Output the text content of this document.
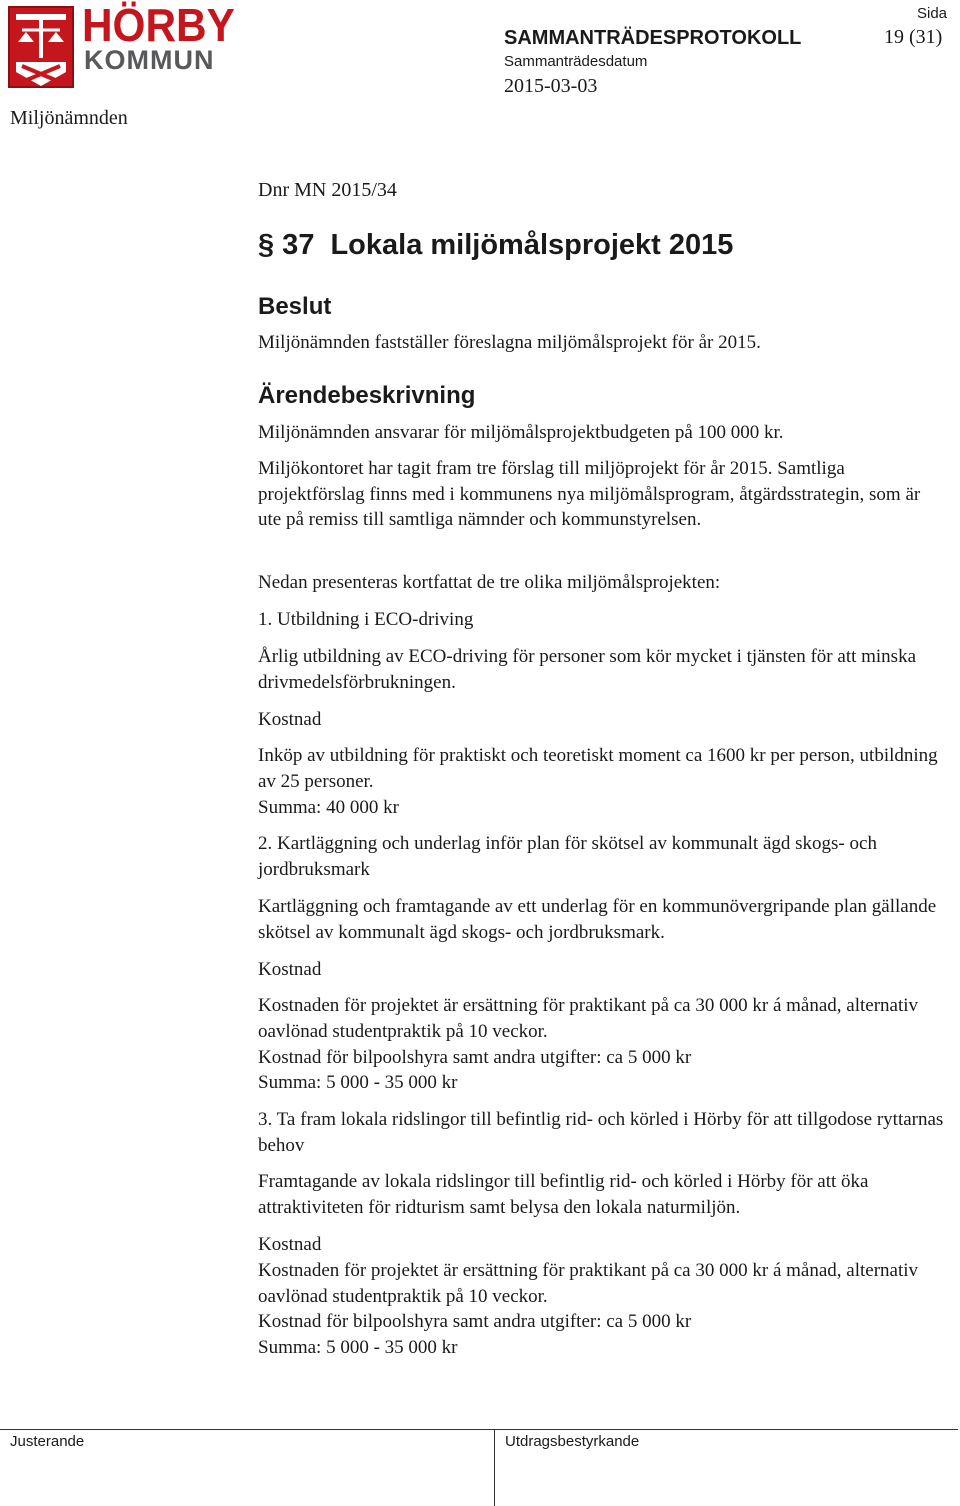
HÖRBY
KOMMUN
Miljönämnden
SAMMANTRÄDESPROTOKOLL
Sammanträdesdatum
2015-03-03
Sida
19 (31)
Dnr MN 2015/34
§ 37 Lokala miljömålsprojekt 2015
Beslut
Miljönämnden fastställer föreslagna miljömålsprojekt för år 2015.
Ärendebeskrivning
Miljönämnden ansvarar för miljömålsprojektbudgeten på 100 000 kr.
Miljökontoret har tagit fram tre förslag till miljöprojekt för år 2015. Samtliga projektförslag finns med i kommunens nya miljömålsprogram, åtgärdsstrategin, som är ute på remiss till samtliga nämnder och kommunstyrelsen.
Nedan presenteras kortfattat de tre olika miljömålsprojekten:
1. Utbildning i ECO-driving
Årlig utbildning av ECO-driving för personer som kör mycket i tjänsten för att minska drivmedelsförbrukningen.
Kostnad
Inköp av utbildning för praktiskt och teoretiskt moment ca 1600 kr per person, utbildning av 25 personer.
Summa: 40 000 kr
2. Kartläggning och underlag inför plan för skötsel av kommunalt ägd skogs- och jordbruksmark
Kartläggning och framtagande av ett underlag för en kommunövergripande plan gällande skötsel av kommunalt ägd skogs- och jordbruksmark.
Kostnad
Kostnaden för projektet är ersättning för praktikant på ca 30 000 kr á månad, alternativ oavlönad studentpraktik på 10 veckor.
Kostnad för bilpoolshyra samt andra utgifter: ca 5 000 kr
Summa: 5 000 - 35 000 kr
3. Ta fram lokala ridslingor till befintlig rid- och körled i Hörby för att tillgodose ryttarnas behov
Framtagande av lokala ridslingor till befintlig rid- och körled i Hörby för att öka attraktiviteten för ridturism samt belysa den lokala naturmiljön.
Kostnad
Kostnaden för projektet är ersättning för praktikant på ca 30 000 kr á månad, alternativ oavlönad studentpraktik på 10 veckor.
Kostnad för bilpoolshyra samt andra utgifter: ca 5 000 kr
Summa: 5 000 - 35 000 kr
Justerande	Utdragsbestyrkande
